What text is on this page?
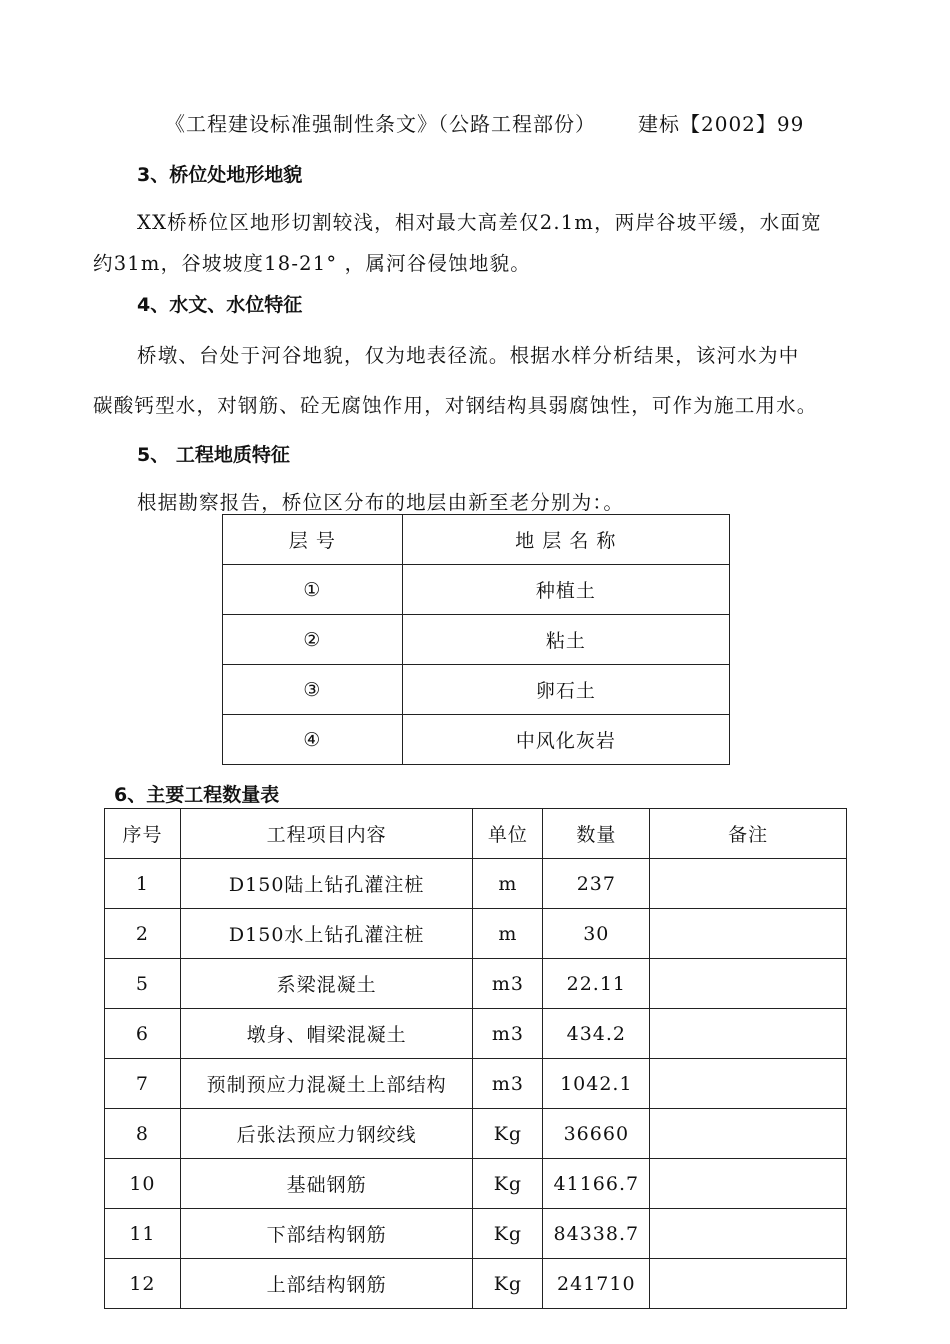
《工程建设标准强制性条文》（公路工程部份） 建标【2002】99
3、桥位处地形地貌
XX桥桥位区地形切割较浅，相对最大高差仅2.1m，两岸谷坡平缓，水面宽
约31m，谷坡坡度18-21° ，属河谷侵蚀地貌。
4、水文、水位特征
桥墩、台处于河谷地貌，仅为地表径流。根据水样分析结果，该河水为中
碳酸钙型水，对钢筋、砼无腐蚀作用，对钢结构具弱腐蚀性，可作为施工用水。
5、 工程地质特征
根据勘察报告，桥位区分布的地层由新至老分别为：。
层 号	地 层 名 称
①	种植土
②	粘土
③	卵石土
④	中风化灰岩
6、主要工程数量表
序号	工程项目内容	单位	数量	备注
1	D150陆上钻孔灌注桩	m	237	
2	D150水上钻孔灌注桩	m	30	
5	系梁混凝土	m3	22.11	
6	墩身、帽梁混凝土	m3	434.2	
7	预制预应力混凝土上部结构	m3	1042.1	
8	后张法预应力钢绞线	Kg	36660	
10	基础钢筋	Kg	41166.7	
11	下部结构钢筋	Kg	84338.7	
12	上部结构钢筋	Kg	241710	
